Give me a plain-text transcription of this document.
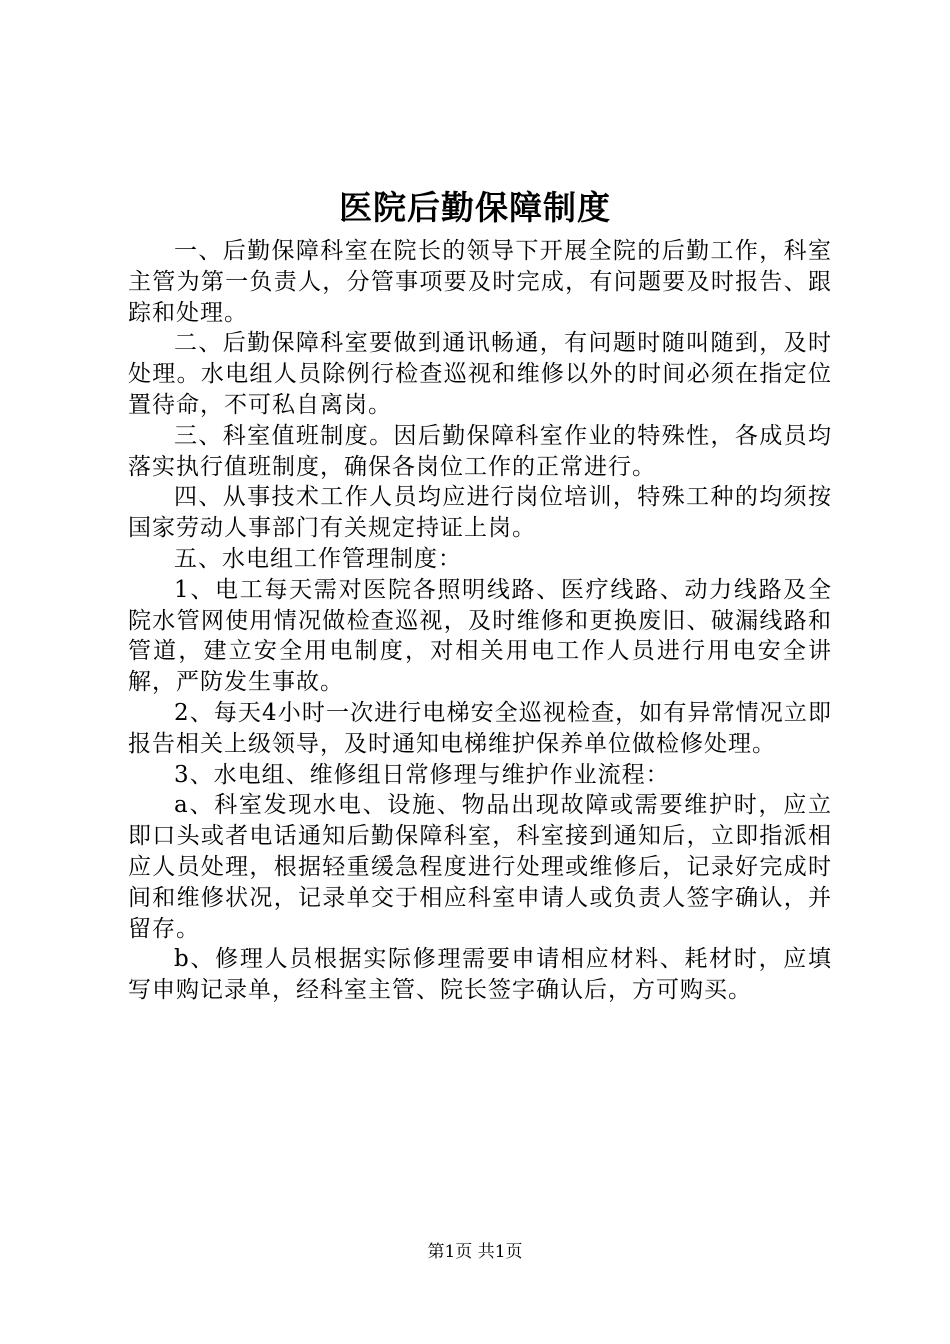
医院后勤保障制度

一、后勤保障科室在院长的领导下开展全院的后勤工作，科室主管为第一负责人，分管事项要及时完成，有问题要及时报告、跟踪和处理。

二、后勤保障科室要做到通讯畅通，有问题时随叫随到，及时处理。水电组人员除例行检查巡视和维修以外的时间必须在指定位置待命，不可私自离岗。

三、科室值班制度。因后勤保障科室作业的特殊性，各成员均落实执行值班制度，确保各岗位工作的正常进行。

四、从事技术工作人员均应进行岗位培训，特殊工种的均须按国家劳动人事部门有关规定持证上岗。

五、水电组工作管理制度：

1、电工每天需对医院各照明线路、医疗线路、动力线路及全院水管网使用情况做检查巡视，及时维修和更换废旧、破漏线路和管道，建立安全用电制度，对相关用电工作人员进行用电安全讲解，严防发生事故。

2、每天4小时一次进行电梯安全巡视检查，如有异常情况立即报告相关上级领导，及时通知电梯维护保养单位做检修处理。

3、水电组、维修组日常修理与维护作业流程：

a、科室发现水电、设施、物品出现故障或需要维护时，应立即口头或者电话通知后勤保障科室，科室接到通知后，立即指派相应人员处理，根据轻重缓急程度进行处理或维修后，记录好完成时间和维修状况，记录单交于相应科室申请人或负责人签字确认，并留存。

b、修理人员根据实际修理需要申请相应材料、耗材时，应填写申购记录单，经科室主管、院长签字确认后，方可购买。

第1页 共1页
